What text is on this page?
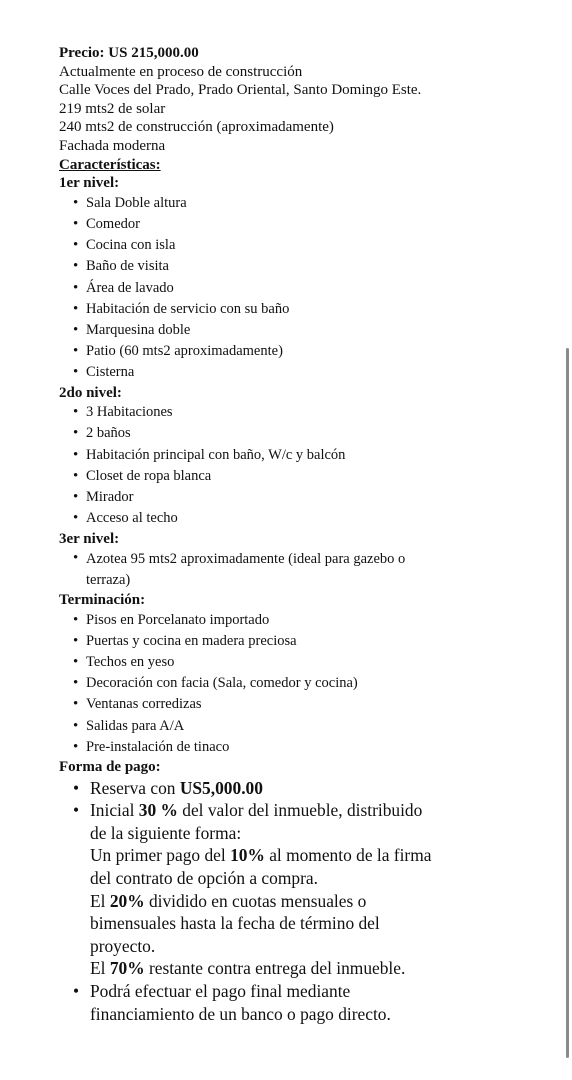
Precio: US 215,000.00

Actualmente en proceso de construcción

Calle Voces del Prado, Prado Oriental, Santo Domingo Este.

219 mts2 de solar

240 mts2 de construcción (aproximadamente)

Fachada moderna

Características:

1er nivel:

• Sala Doble altura
• Comedor
• Cocina con isla
• Baño de visita
• Área de lavado
• Habitación de servicio con su baño
• Marquesina doble
• Patio (60 mts2 aproximadamente)
• Cisterna

2do nivel:

• 3 Habitaciones
• 2 baños
• Habitación principal con baño, W/c y balcón
• Closet de ropa blanca
• Mirador
• Acceso al techo

3er nivel:

• Azotea 95 mts2 aproximadamente (ideal para gazebo o
terraza)

Terminación:

• Pisos en Porcelanato importado
• Puertas y cocina en madera preciosa
• Techos en yeso
• Decoración con facia (Sala, comedor y cocina)
• Ventanas corredizas
• Salidas para A/A
• Pre-instalación de tinaco

Forma de pago:

• Reserva con US5,000.00
• Inicial 30 % del valor del inmueble, distribuido
de la siguiente forma:
Un primer pago del 10% al momento de la firma
del contrato de opción a compra.
El 20% dividido en cuotas mensuales o
bimensuales hasta la fecha de término del
proyecto.
El 70% restante contra entrega del inmueble.
• Podrá efectuar el pago final mediante
financiamiento de un banco o pago directo.
